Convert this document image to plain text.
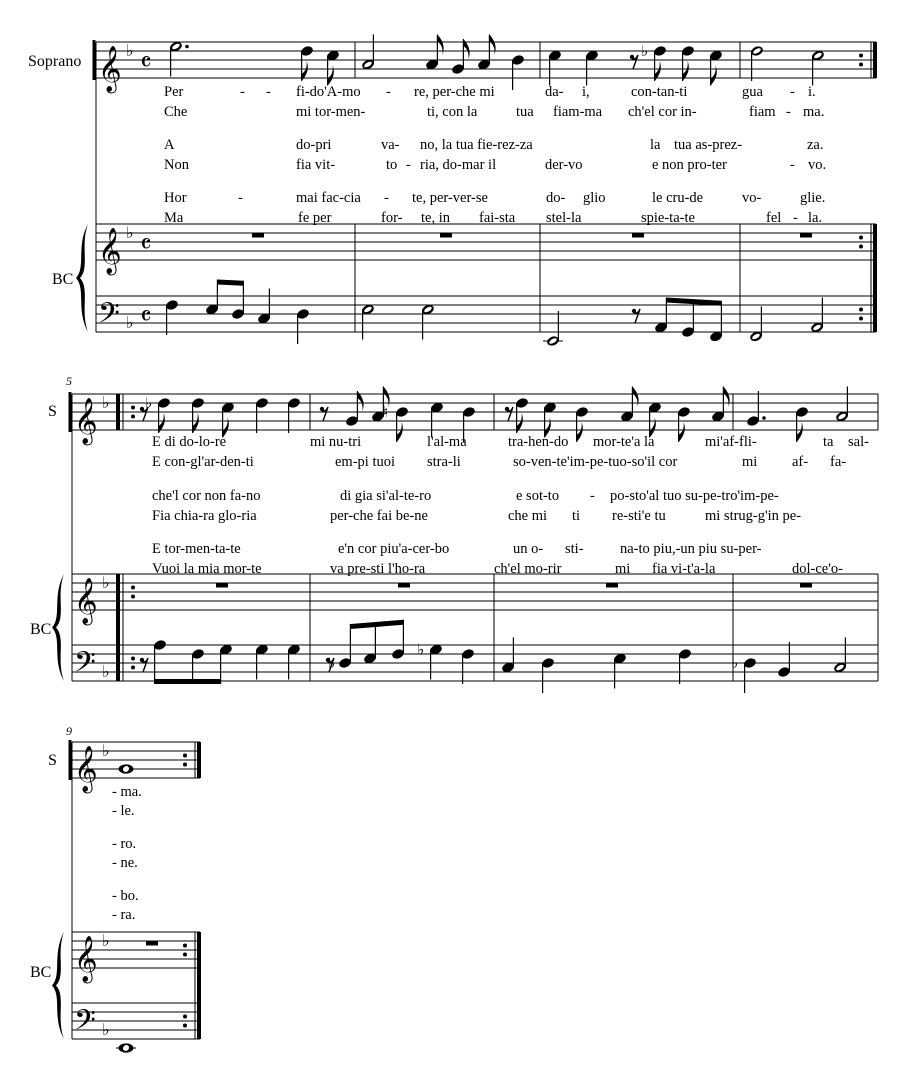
𝄞 ♭ 𝄴
𝄞 ♭ 𝄴
𝄢 ♭ 𝄴
♭
𝄞 ♭
𝄞 ♭
𝄢 ♭
♭	♮
♭
♭
♭
𝄞 ♭
𝄞 ♭
𝄢 ♭
Soprano
BC
S
BC
S
BC
5
9
Per	- - fi-do'A-mo - re, per-che mi	da- i,	con-tan-ti	gua - i.
Che	mi tor-men-	ti, con la	tua fiam-ma ch'el cor in-	fiam - ma.
A	do-pri	va- no, la tua fie-rez-za	la tua as-prez-	za.
Non	fia vit-	to - ria, do-mar il	der-vo	e non pro-ter	- vo.
Hor	-	mai fac-cia - te, per-ver-se	do- glio	le cru-de	vo-	glie.
Ma	fe per	for- te, in fai-sta stel-la	spie-ta-te	fel - la.
E di do-lo-re	mi nu-tri	l'al-ma	tra-hen-do mor-te'a la	mi'af-fli-	ta sal-
E con-gl'ar-den-ti	em-pi tuoi stra-li	so-ven-te'im-pe-tuo-so'il cor	mi af- fa-
che'l cor non fa-no	di gia si'al-te-ro	e sot-to - po-sto'al tuo su-pe-tro'im-pe-
Fia chia-ra glo-ria	per-che fai be-ne	che mi ti re-sti'e tu	mi strug-g'in pe-
E tor-men-ta-te	e'n cor piu'a-cer-bo	un o- sti-	na-to piu,-un piu su-per-
Vuoi la mia mor-te	va pre-sti l'ho-ra	ch'el mo-rir	mi fia vi-t'a-la	dol-ce'o-
- ma.
- le.
- ro.
- ne.
- bo.
- ra.
